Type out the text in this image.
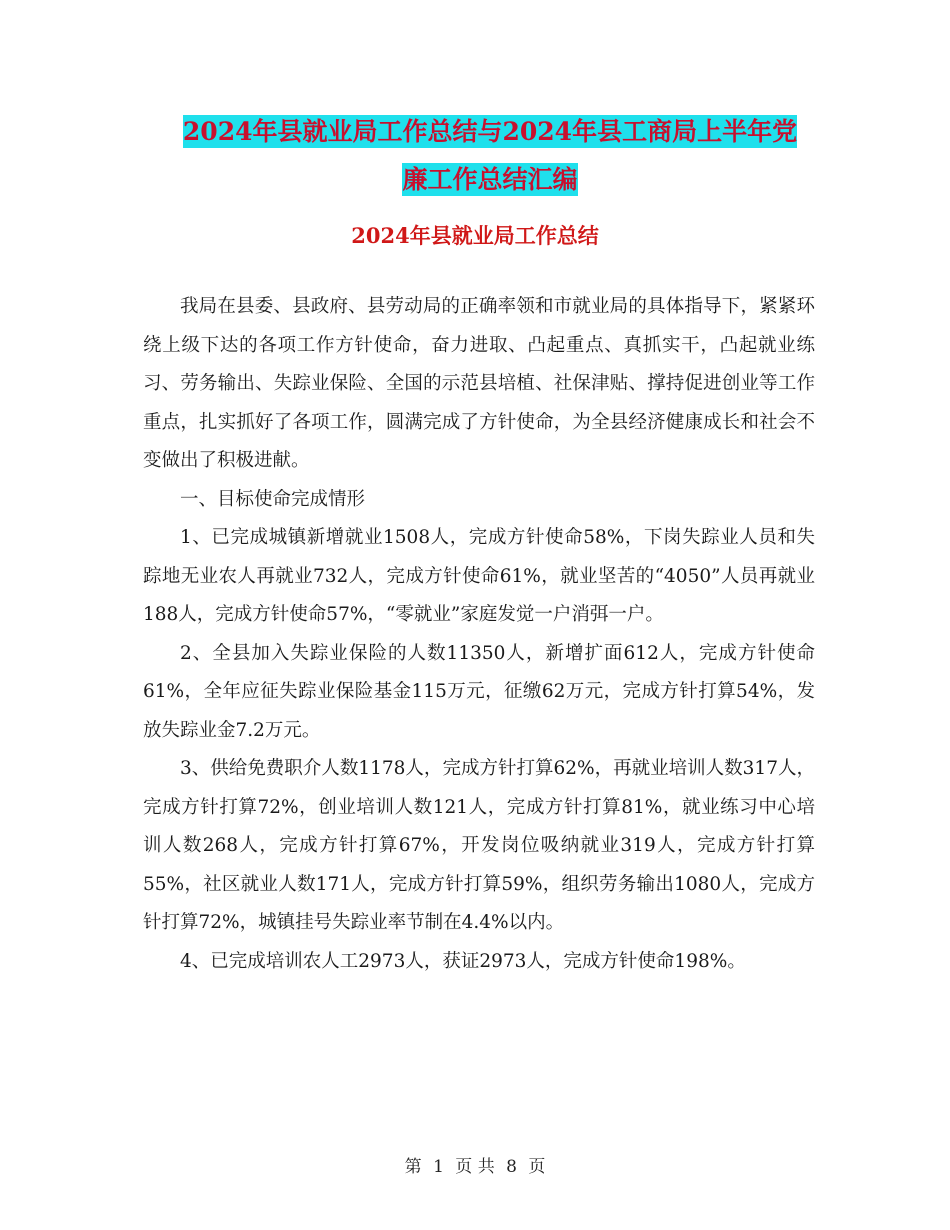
2024年县就业局工作总结与2024年县工商局上半年党
廉工作总结汇编
2024年县就业局工作总结

我局在县委、县政府、县劳动局的正确率领和市就业局的具体指导下，紧紧环绕上级下达的各项工作方针使命，奋力进取、凸起重点、真抓实干，凸起就业练习、劳务输出、失踪业保险、全国的示范县培植、社保津贴、撑持促进创业等工作重点，扎实抓好了各项工作，圆满完成了方针使命，为全县经济健康成长和社会不变做出了积极进献。

一、目标使命完成情形

1、已完成城镇新增就业1508人，完成方针使命58%，下岗失踪业人员和失踪地无业农人再就业732人，完成方针使命61%，就业坚苦的“4050”人员再就业188人，完成方针使命57%，“零就业”家庭发觉一户消弭一户。

2、全县加入失踪业保险的人数11350人，新增扩面612人，完成方针使命61%，全年应征失踪业保险基金115万元，征缴62万元，完成方针打算54%，发放失踪业金7.2万元。

3、供给免费职介人数1178人，完成方针打算62%，再就业培训人数317人，完成方针打算72%，创业培训人数121人，完成方针打算81%，就业练习中心培训人数268人，完成方针打算67%，开发岗位吸纳就业319人，完成方针打算55%，社区就业人数171人，完成方针打算59%，组织劳务输出1080人，完成方针打算72%，城镇挂号失踪业率节制在4.4%以内。

4、已完成培训农人工2973人，获证2973人，完成方针使命198%。

第 1 页 共 8 页
